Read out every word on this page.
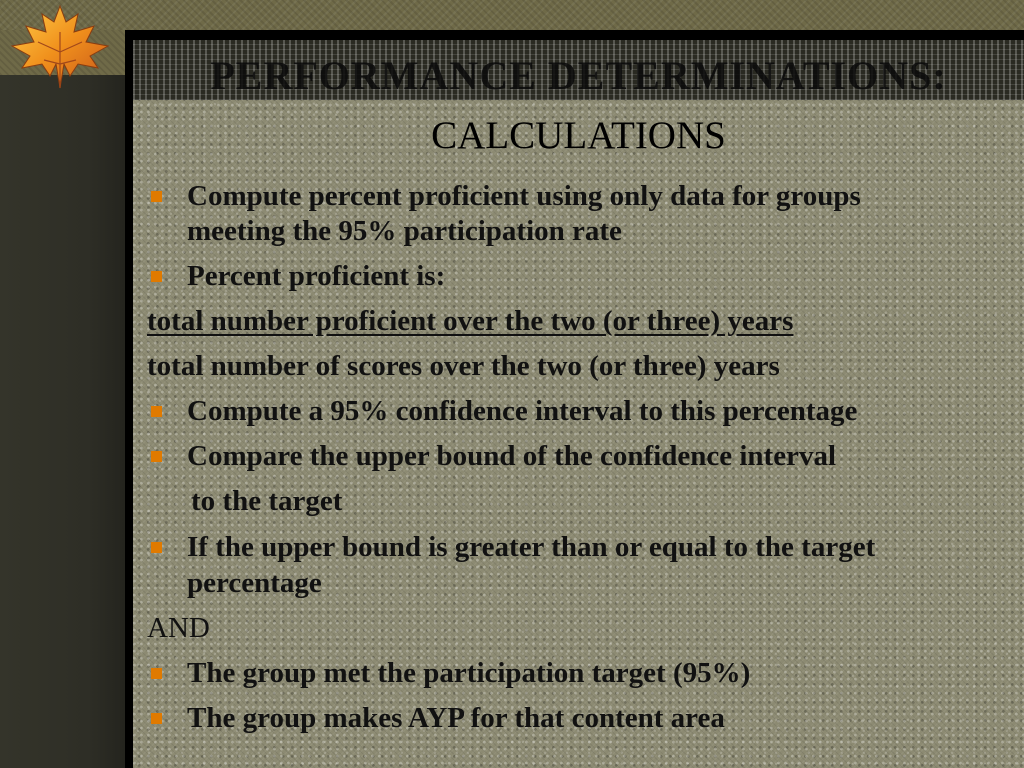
PERFORMANCE DETERMINATIONS:
CALCULATIONS
Compute percent proficient using only data for groups
meeting the 95% participation rate
Percent proficient is:
total number proficient over the two (or three) years
total number of scores over the two (or three) years
Compute a 95% confidence interval to this percentage
Compare the upper bound of the confidence interval
to the target
If the upper bound is greater than or equal to the target
percentage
AND
The group met the participation target (95%)
The group makes AYP for that content area
